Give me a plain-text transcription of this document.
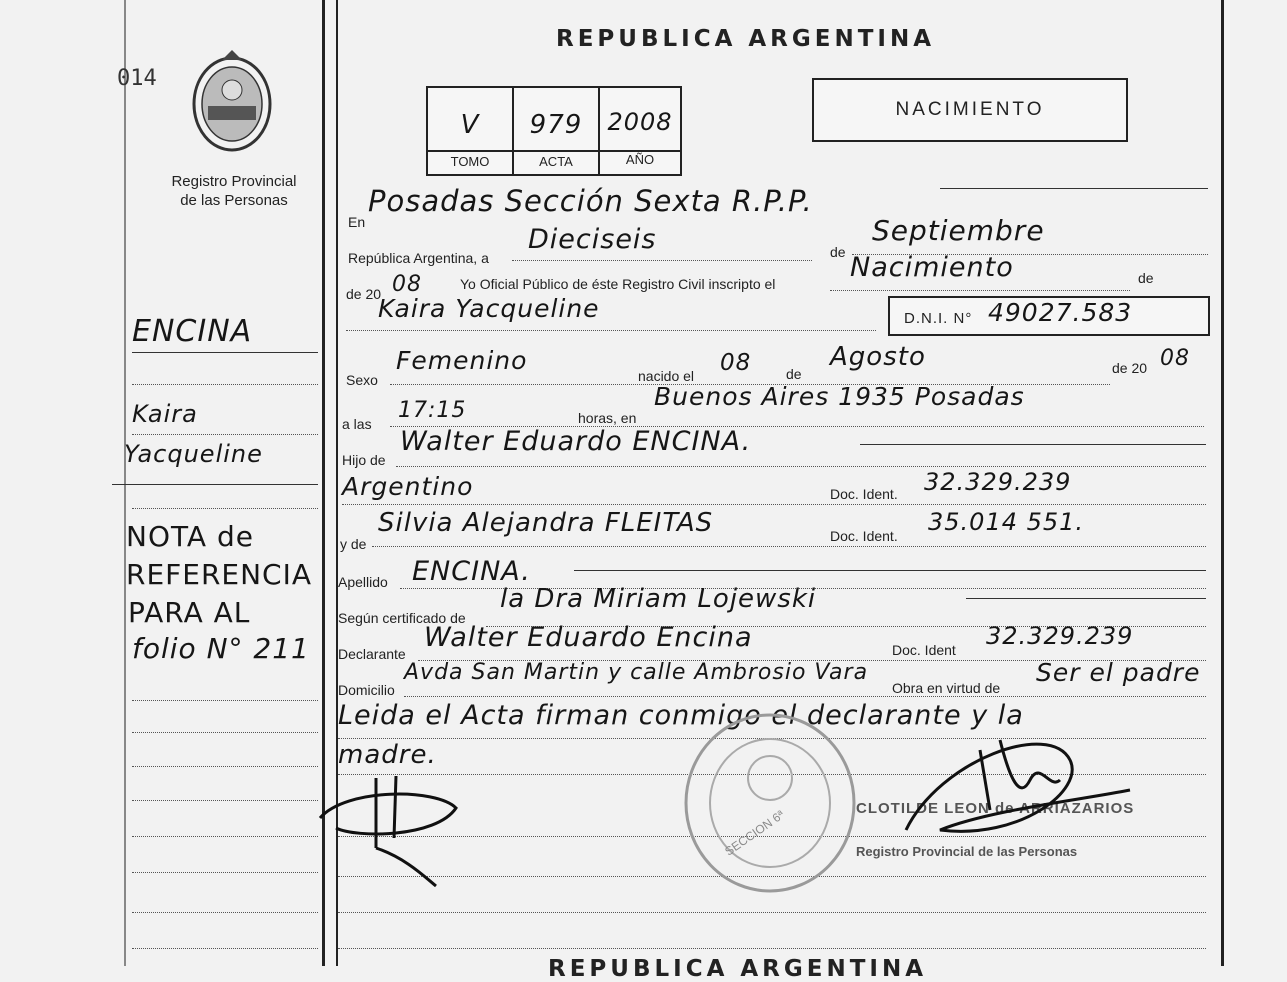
014
Registro Provincial
de las Personas
REPUBLICA ARGENTINA
V	979	2008
TOMO	ACTA	AÑO
NACIMIENTO
En
Posadas Sección Sexta R.P.P.
República Argentina, a
Dieciseis	de
Septiembre
de 20 08	Yo Oficial Público de éste Registro Civil inscripto el
Nacimiento	de
Kaira Yacqueline	D.N.I. N° 49027.583
Sexo
Femenino
nacido el 08 de
Agosto	de 20 08
a las
17:15	horas, en
Buenos Aires 1935 Posadas
Hijo de
Walter Eduardo ENCINA.
Argentino	Doc. Ident. 32.329.239
y de
Silvia Alejandra FLEITAS	Doc. Ident. 35.014 551.
Apellido ENCINA.
Según certificado de
la Dra Miriam Lojewski
Declarante
Walter Eduardo Encina	Doc. Ident 32.329.239
Domicilio
Avda San Martin y calle Ambrosio Vara
Obra en virtud de
Ser el padre
Leida el Acta firman conmigo el declarante y la
madre.
SECCION 6ª	CLOTILDE LEON de ARRIAZARIOS
Registro Provincial de las Personas
ENCINA
Kaira
Yacqueline
NOTA de
REFERENCIA
PARA AL
folio N° 211
REPUBLICA ARGENTINA
